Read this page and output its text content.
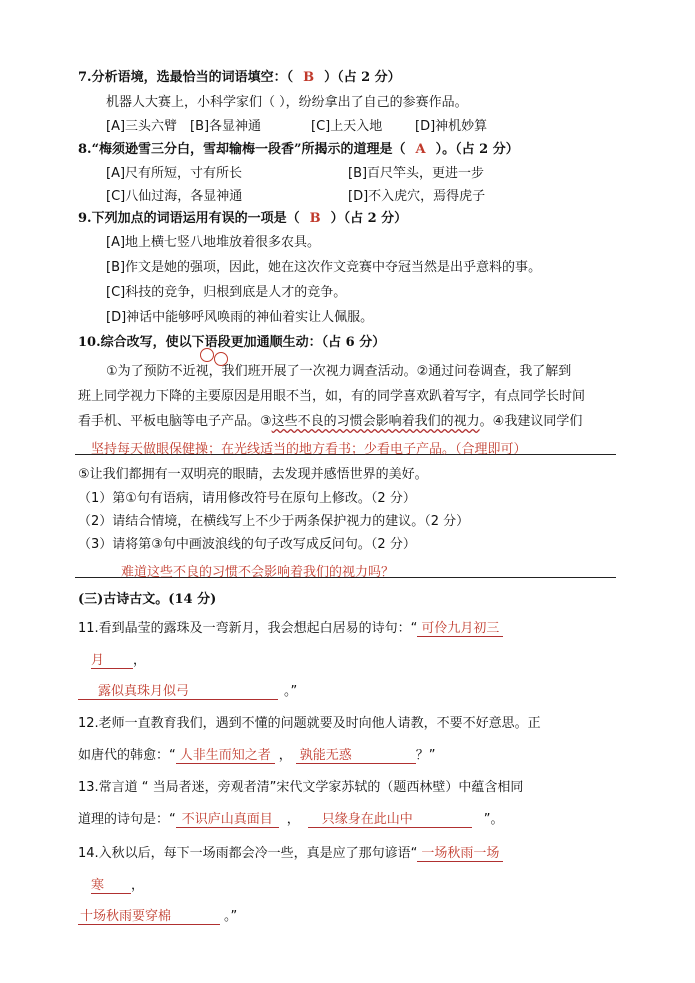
7.分析语境，选最恰当的词语填空：（ B ）（占 2 分）
机器人大赛上，小科学家们（ ），纷纷拿出了自己的参赛作品。
[A]三头六臂 [B]各显神通	[C]上天入地	[D]神机妙算
8.“梅须逊雪三分白，雪却输梅一段香”所揭示的道理是（ A ）。（占 2 分）
[A]尺有所短，寸有所长	[B]百尺竿头，更进一步
[C]八仙过海，各显神通	[D]不入虎穴，焉得虎子
9.下列加点的词语运用有误的一项是（ B ）（占 2 分）
[A]地上横七竖八地堆放着很多农具。
[B]作文是她的强项，因此，她在这次作文竞赛中夺冠当然是出乎意料的事。
[C]科技的竞争，归根到底是人才的竞争。
[D]神话中能够呼风唤雨的神仙着实让人佩服。
10.综合改写，使以下语段更加通顺生动：（占 6 分）
①为了预防不近视，我们班开展了一次视力调查活动。②通过问卷调查，我了解到
班上同学视力下降的主要原因是用眼不当，如，有的同学喜欢趴着写字，有点同学长时间
看手机、平板电脑等电子产品。③这些不良的习惯会影响着我们的视力。④我建议同学们
坚持每天做眼保健操；在光线适当的地方看书；少看电子产品。（合理即可）
⑤让我们都拥有一双明亮的眼睛，去发现并感悟世界的美好。
（1）第①句有语病，请用修改符号在原句上修改。（2 分）
（2）请结合情境，在横线写上不少于两条保护视力的建议。（2 分）
（3）请将第③句中画波浪线的句子改写成反问句。（2 分）
难道这些不良的习惯不会影响着我们的视力吗？
(三)古诗古文。(14 分)
11.看到晶莹的露珠及一弯新月，我会想起白居易的诗句：“ 可伶九月初三
月 ，
露似真珠月似弓	。”
12.老师一直教育我们，遇到不懂的问题就要及时向他人请教，不要不好意思。正
如唐代的韩愈：“ 人非生而知之者 ， 孰能无惑	？”
13.常言道 “ 当局者迷，旁观者清”宋代文学家苏轼的（题西林壁）中蕴含相同
道理的诗句是：“ 不识庐山真面目 ， 只缘身在此山中	”。
14.入秋以后，每下一场雨都会冷一些，真是应了那句谚语“ 一场秋雨一场
寒 ，
十场秋雨要穿棉	。”
